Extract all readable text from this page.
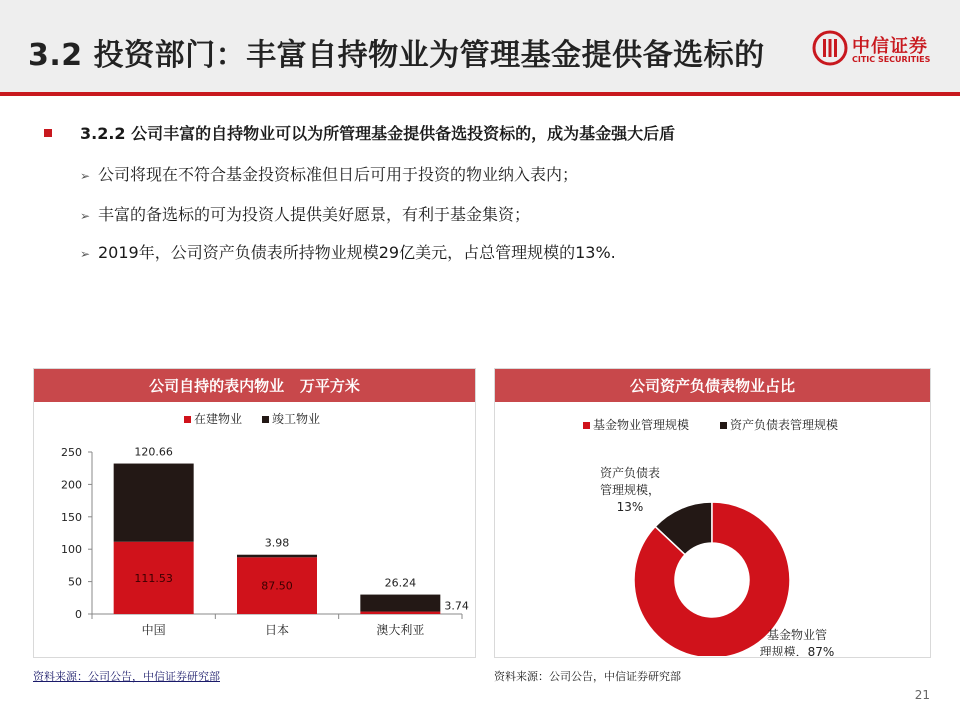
3.2 投资部门：丰富自持物业为管理基金提供备选标的	中信证券
CITIC SECURITIES
3.2.2 公司丰富的自持物业可以为所管理基金提供备选投资标的，成为基金强大后盾
➢ 公司将现在不符合基金投资标准但日后可用于投资的物业纳入表内；
➢ 丰富的备选标的可为投资人提供美好愿景，有利于基金集资；
➢ 2019年，公司资产负债表所持物业规模29亿美元，占总管理规模的13%.
公司自持的表内物业   万平方米
0
50
100
150
200
250
中国
111.53
120.66
日本
87.50
3.98
澳大利亚
3.74
26.24
在建物业 竣工物业
公司资产负债表物业占比
基金物业管理规模	资产负债表管理规模
资产负债表
管理规模，
13%
基金物业管
理规模，87%
资料来源：公司公告，中信证券研究部	资料来源：公司公告，中信证券研究部
21
